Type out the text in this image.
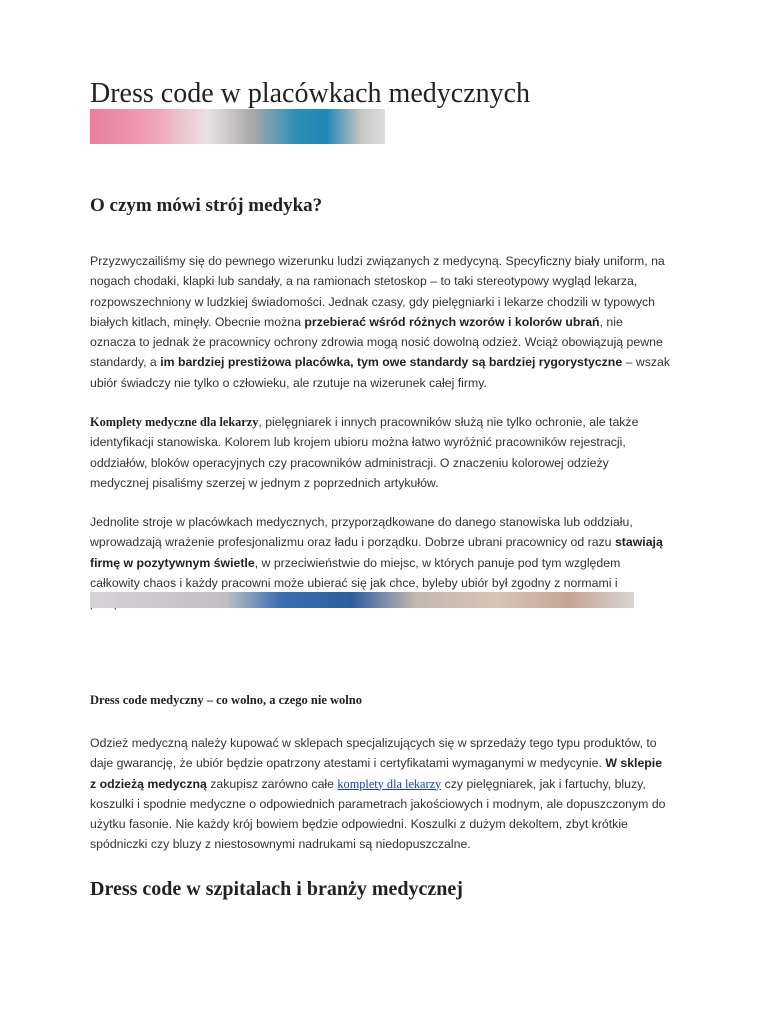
Dress code w placówkach medycznych
O czym mówi strój medyka?

Przyzwyczailiśmy się do pewnego wizerunku ludzi związanych z medycyną. Specyficzny biały uniform, na nogach chodaki, klapki lub sandały, a na ramionach stetoskop – to taki stereotypowy wygląd lekarza, rozpowszechniony w ludzkiej świadomości. Jednak czasy, gdy pielęgniarki i lekarze chodzili w typowych białych kitlach, minęły. Obecnie można przebierać wśród różnych wzorów i kolorów ubrań, nie oznacza to jednak że pracownicy ochrony zdrowia mogą nosić dowolną odzież. Wciąż obowiązują pewne standardy, a im bardziej prestiżowa placówka, tym owe standardy są bardziej rygorystyczne – wszak ubiór świadczy nie tylko o człowieku, ale rzutuje na wizerunek całej firmy.

Komplety medyczne dla lekarzy, pielęgniarek i innych pracowników służą nie tylko ochronie, ale także identyfikacji stanowiska. Kolorem lub krojem ubioru można łatwo wyróżnić pracowników rejestracji, oddziałów, bloków operacyjnych czy pracowników administracji. O znaczeniu kolorowej odzieży medycznej pisaliśmy szerzej w jednym z poprzednich artykułów.

Jednolite stroje w placówkach medycznych, przyporządkowane do danego stanowiska lub oddziału, wprowadzają wrażenie profesjonalizmu oraz ładu i porządku. Dobrze ubrani pracownicy od razu stawiają firmę w pozytywnym świetle, w przeciwieństwie do miejsc, w których panuje pod tym względem całkowity chaos i każdy pracowni może ubierać się jak chce, byleby ubiór był zgodny z normami i

Dress code medyczny – co wolno, a czego nie wolno

Odzież medyczną należy kupować w sklepach specjalizujących się w sprzedaży tego typu produktów, to daje gwarancję, że ubiór będzie opatrzony atestami i certyfikatami wymaganymi w medycynie. W sklepie z odzieżą medyczną zakupisz zarówno całe komplety dla lekarzy czy pielęgniarek, jak i fartuchy, bluzy, koszulki i spodnie medyczne o odpowiednich parametrach jakościowych i modnym, ale dopuszczonym do użytku fasonie. Nie każdy krój bowiem będzie odpowiedni. Koszulki z dużym dekoltem, zbyt krótkie spódniczki czy bluzy z niestosownymi nadrukami są niedopuszczalne.

Dress code w szpitalach i branży medycznej
